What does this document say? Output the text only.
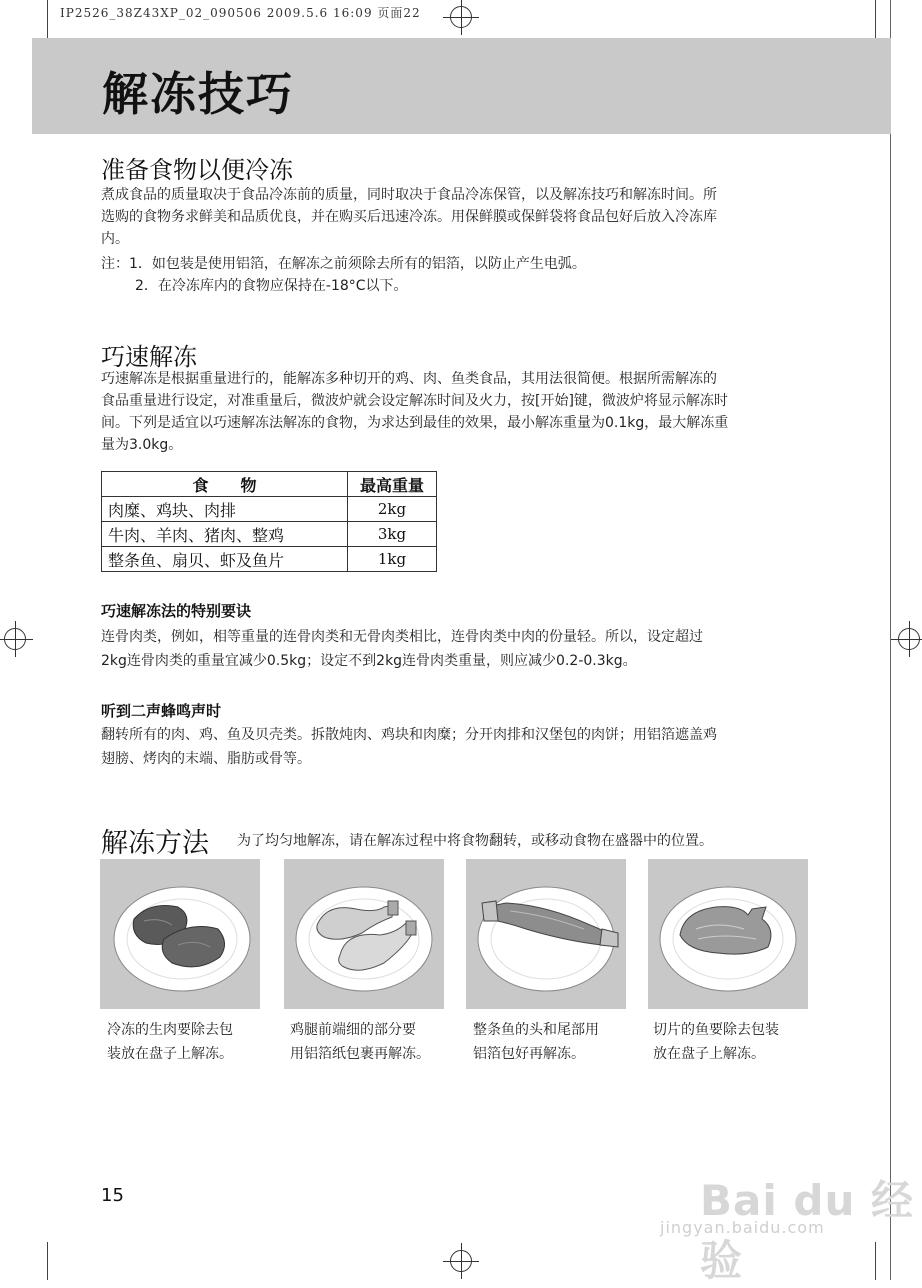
IP2526_38Z43XP_02_090506 2009.5.6 16:09 页面22
解冻技巧
准备食物以便冷冻
煮成食品的质量取决于食品冷冻前的质量，同时取决于食品冷冻保管，以及解冻技巧和解冻时间。所
选购的食物务求鲜美和品质优良，并在购买后迅速冷冻。用保鲜膜或保鲜袋将食品包好后放入冷冻库
内。
注：1．如包装是使用铝箔，在解冻之前须除去所有的铝箔，以防止产生电弧。
2．在冷冻库内的食物应保持在-18°C以下。
巧速解冻
巧速解冻是根据重量进行的，能解冻多种切开的鸡、肉、鱼类食品，其用法很简便。根据所需解冻的
食品重量进行设定，对准重量后，微波炉就会设定解冻时间及火力，按[开始]键，微波炉将显示解冻时
间。下列是适宜以巧速解冻法解冻的食物，为求达到最佳的效果，最小解冻重量为0.1kg，最大解冻重
量为3.0kg。
食　　物	最高重量
肉糜、鸡块、肉排	2kg
牛肉、羊肉、猪肉、整鸡	3kg
整条鱼、扇贝、虾及鱼片	1kg
巧速解冻法的特别要诀
连骨肉类，例如，相等重量的连骨肉类和无骨肉类相比，连骨肉类中肉的份量轻。所以，设定超过
2kg连骨肉类的重量宜减少0.5kg；设定不到2kg连骨肉类重量，则应减少0.2-0.3kg。
听到二声蜂鸣声时
翻转所有的肉、鸡、鱼及贝壳类。拆散炖肉、鸡块和肉糜；分开肉排和汉堡包的肉饼；用铝箔遮盖鸡
翅膀、烤肉的末端、脂肪或骨等。
解冻方法 为了均匀地解冻，请在解冻过程中将食物翻转，或移动食物在盛器中的位置。
冷冻的生肉要除去包
装放在盘子上解冻。
鸡腿前端细的部分要
用铝箔纸包裹再解冻。
整条鱼的头和尾部用
铝箔包好再解冻。
切片的鱼要除去包装
放在盘子上解冻。
15	Bai du 经验
jingyan.baidu.com
